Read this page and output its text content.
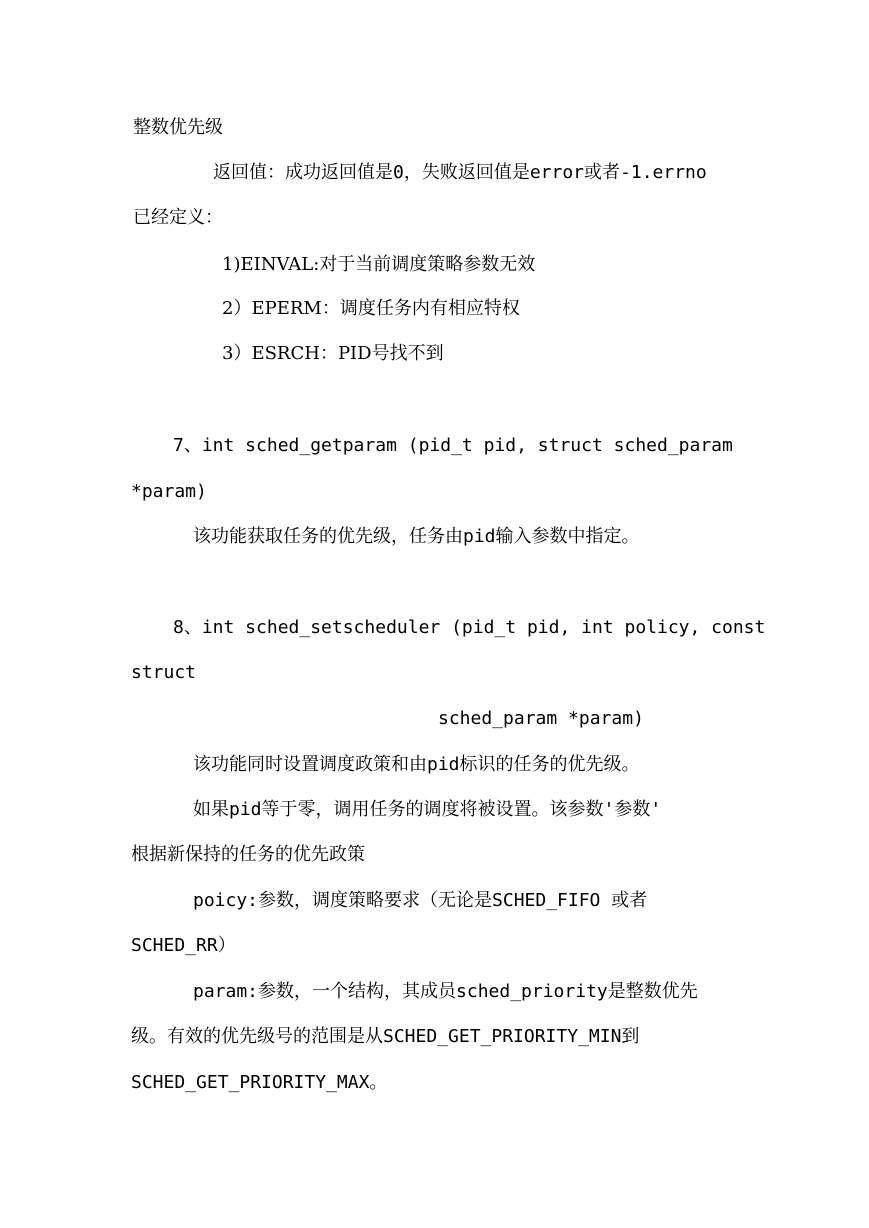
整数优先级
返回值：成功返回值是0，失败返回值是error或者-1.errno
已经定义：
1)EINVAL:对于当前调度策略参数无效
2）EPERM：调度任务内有相应特权
3）ESRCH：PID号找不到
7、int sched_getparam (pid_t pid, struct sched_param
*param)
该功能获取任务的优先级，任务由pid输入参数中指定。
8、int sched_setscheduler (pid_t pid, int policy, const
struct
sched_param *param)
该功能同时设置调度政策和由pid标识的任务的优先级。
如果pid等于零，调用任务的调度将被设置。该参数'参数'
根据新保持的任务的优先政策
poicy:参数，调度策略要求（无论是SCHED_FIFO 或者
SCHED_RR）
param:参数，一个结构，其成员sched_priority是整数优先
级。有效的优先级号的范围是从SCHED_GET_PRIORITY_MIN到
SCHED_GET_PRIORITY_MAX。
